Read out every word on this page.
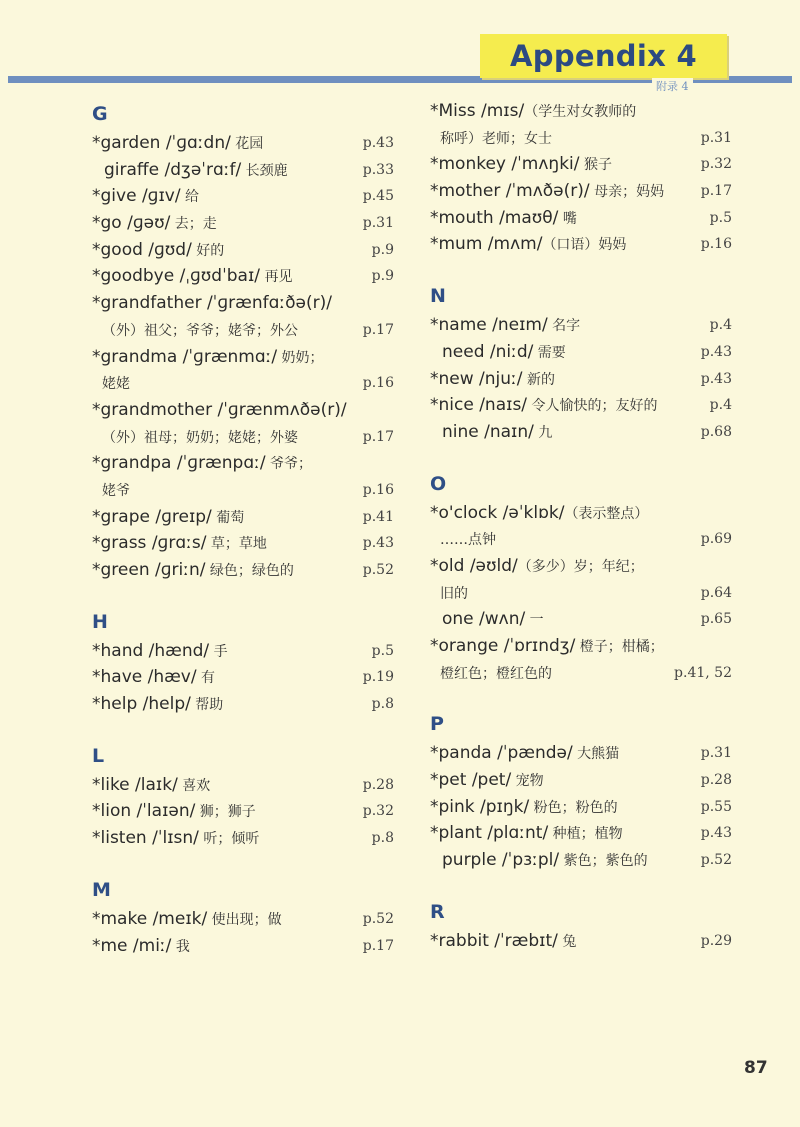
Appendix 4
附录 4
G
*garden /ˈɡɑːdn/ 花园	p.43
giraffe /dʒəˈrɑːf/ 长颈鹿	p.33
*give /ɡɪv/ 给	p.45
*go /ɡəʊ/ 去；走	p.31
*good /ɡʊd/ 好的	p.9
*goodbye /ˌɡʊdˈbaɪ/ 再见	p.9
*grandfather /ˈɡrænfɑːðə(r)/
（外）祖父；爷爷；姥爷；外公	p.17
*grandma /ˈɡrænmɑː/ 奶奶；
姥姥	p.16
*grandmother /ˈɡrænmʌðə(r)/
（外）祖母；奶奶；姥姥；外婆	p.17
*grandpa /ˈɡrænpɑː/ 爷爷；
姥爷	p.16
*grape /ɡreɪp/ 葡萄	p.41
*grass /ɡrɑːs/ 草；草地	p.43
*green /ɡriːn/ 绿色；绿色的	p.52
H
*hand /hænd/ 手	p.5
*have /hæv/ 有	p.19
*help /help/ 帮助	p.8
L
*like /laɪk/ 喜欢	p.28
*lion /ˈlaɪən/ 狮；狮子	p.32
*listen /ˈlɪsn/ 听；倾听	p.8
M
*make /meɪk/ 使出现；做	p.52
*me /miː/ 我	p.17
*Miss /mɪs/（学生对女教师的
称呼）老师；女士	p.31
*monkey /ˈmʌŋki/ 猴子	p.32
*mother /ˈmʌðə(r)/ 母亲；妈妈	p.17
*mouth /maʊθ/ 嘴	p.5
*mum /mʌm/（口语）妈妈	p.16
N
*name /neɪm/ 名字	p.4
need /niːd/ 需要	p.43
*new /njuː/ 新的	p.43
*nice /naɪs/ 令人愉快的；友好的	p.4
nine /naɪn/ 九	p.68
O
*o'clock /əˈklɒk/（表示整点）
……点钟	p.69
*old /əʊld/（多少）岁；年纪；
旧的	p.64
one /wʌn/ 一	p.65
*orange /ˈɒrɪndʒ/ 橙子；柑橘；
橙红色；橙红色的	p.41, 52
P
*panda /ˈpændə/ 大熊猫	p.31
*pet /pet/ 宠物	p.28
*pink /pɪŋk/ 粉色；粉色的	p.55
*plant /plɑːnt/ 种植；植物	p.43
purple /ˈpɜːpl/ 紫色；紫色的	p.52
R
*rabbit /ˈræbɪt/ 兔	p.29
87
